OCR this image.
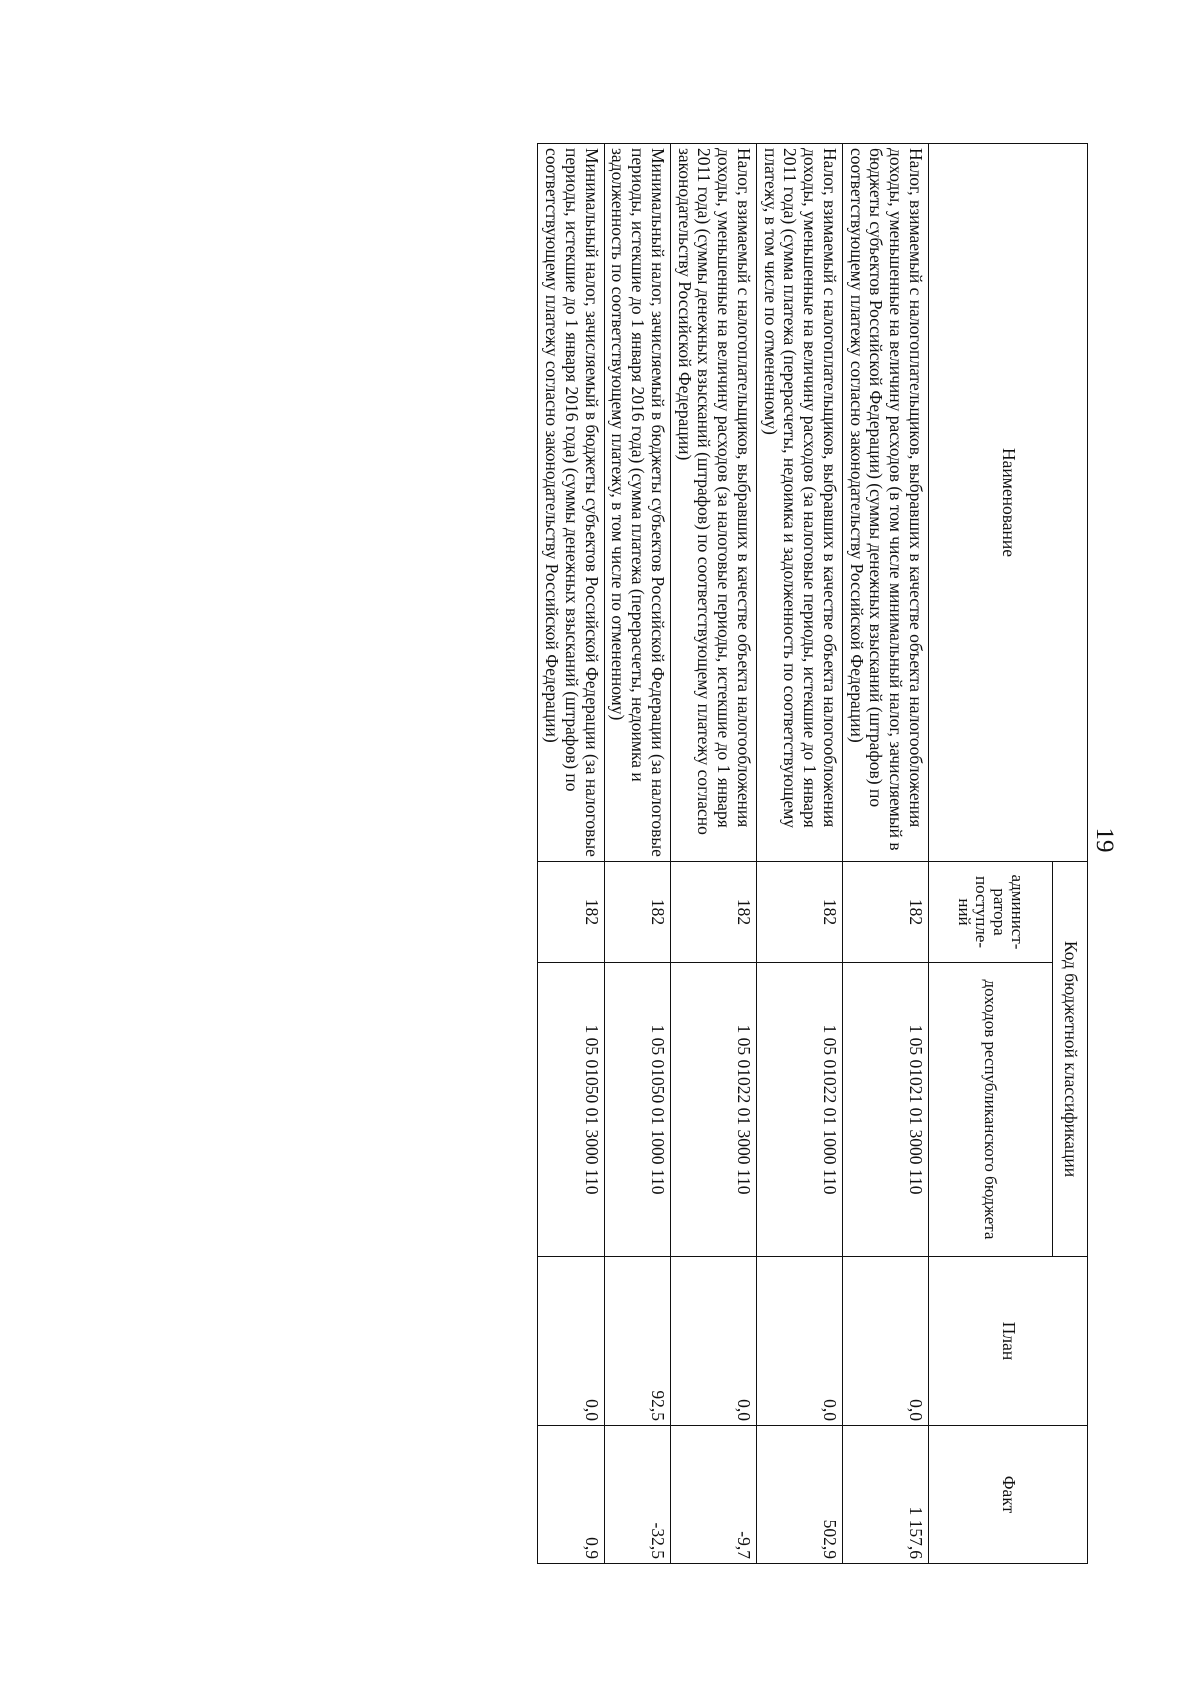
19
Наименование	Код бюджетной классификации		План	Факт
	админист-ратора поступле-ний	доходов республиканского бюджета		
Налог, взимаемый с налогоплательщиков, выбравших в качестве объекта налогообложения доходы, уменьшенные на величину расходов (в том числе минимальный налог, зачисляемый в бюджеты субъектов Российской Федерации) (суммы денежных взысканий (штрафов) по соответствующему платежу согласно законодательству Российской Федерации)	182	1 05 01021 01 3000 110	0,0	1 157,6
Налог, взимаемый с налогоплательщиков, выбравших в качестве объекта налогообложения доходы, уменьшенные на величину расходов (за налоговые периоды, истекшие до 1 января 2011 года) (сумма платежа (перерасчеты, недоимка и задолженность по соответствующему платежу, в том числе по отмененному)	182	1 05 01022 01 1000 110	0,0	502,9
Налог, взимаемый с налогоплательщиков, выбравших в качестве объекта налогообложения доходы, уменьшенные на величину расходов (за налоговые периоды, истекшие до 1 января 2011 года) (суммы денежных взысканий (штрафов) по соответствующему платежу согласно законодательству Российской Федерации)	182	1 05 01022 01 3000 110	0,0	-9,7
Минимальный налог, зачисляемый в бюджеты субъектов Российской Федерации (за налоговые периоды, истекшие до 1 января 2016 года) (сумма платежа (перерасчеты, недоимка и задолженность по соответствующему платежу, в том числе по отмененному)	182	1 05 01050 01 1000 110	92,5	-32,5
Минимальный налог, зачисляемый в бюджеты субъектов Российской Федерации (за налоговые периоды, истекшие до 1 января 2016 года) (суммы денежных взысканий (штрафов) по соответствующему платежу согласно законодательству Российской Федерации)	182	1 05 01050 01 3000 110	0,0	0,9
